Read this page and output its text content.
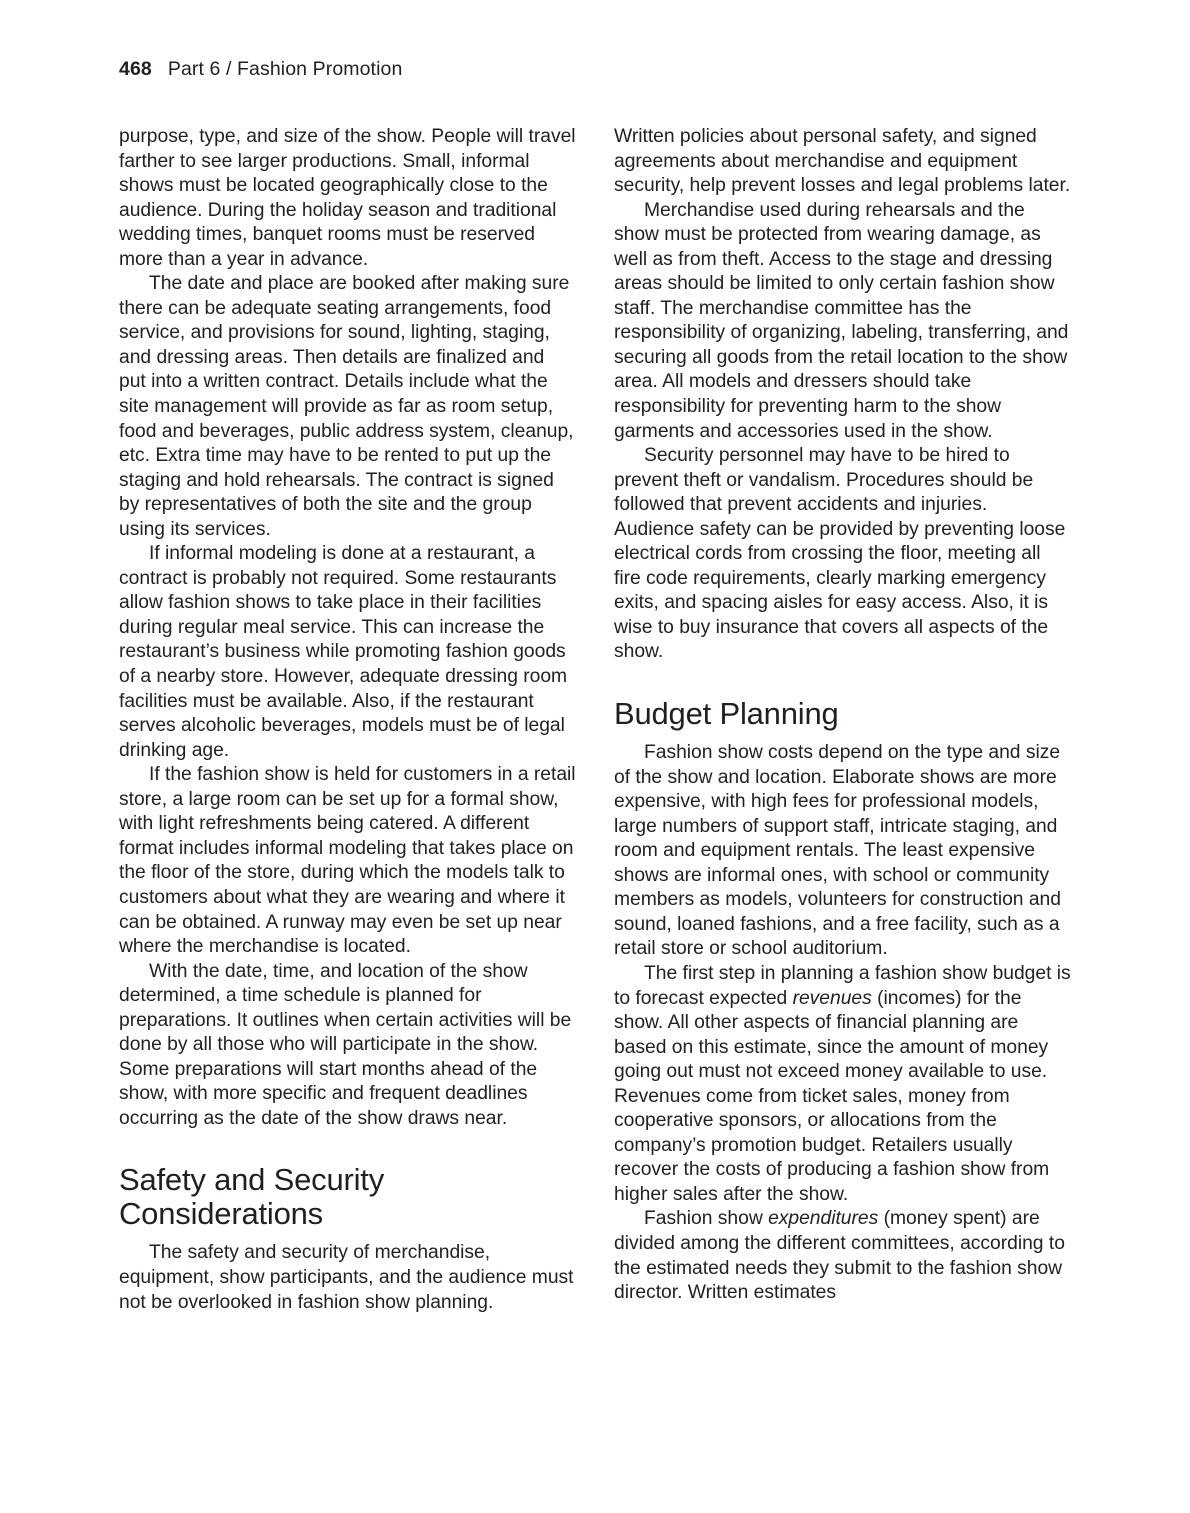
468 Part 6 / Fashion Promotion

purpose, type, and size of the show. People will travel farther to see larger productions. Small, informal shows must be located geographically close to the audience. During the holiday season and traditional wedding times, banquet rooms must be reserved more than a year in advance.

The date and place are booked after making sure there can be adequate seating arrangements, food service, and provisions for sound, lighting, staging, and dressing areas. Then details are finalized and put into a written contract. Details include what the site management will provide as far as room setup, food and beverages, public address system, cleanup, etc. Extra time may have to be rented to put up the staging and hold rehearsals. The contract is signed by representatives of both the site and the group using its services.

If informal modeling is done at a restaurant, a contract is probably not required. Some restaurants allow fashion shows to take place in their facilities during regular meal service. This can increase the restaurant’s business while promoting fashion goods of a nearby store. However, adequate dressing room facilities must be available. Also, if the restaurant serves alcoholic beverages, models must be of legal drinking age.

If the fashion show is held for customers in a retail store, a large room can be set up for a formal show, with light refreshments being catered. A different format includes informal modeling that takes place on the floor of the store, during which the models talk to customers about what they are wearing and where it can be obtained. A runway may even be set up near where the merchandise is located.

With the date, time, and location of the show determined, a time schedule is planned for preparations. It outlines when certain activities will be done by all those who will participate in the show. Some preparations will start months ahead of the show, with more specific and frequent deadlines occurring as the date of the show draws near.

Safety and Security Considerations

The safety and security of merchandise, equipment, show participants, and the audience must not be overlooked in fashion show planning.

Written policies about personal safety, and signed agreements about merchandise and equipment security, help prevent losses and legal problems later.

Merchandise used during rehearsals and the show must be protected from wearing damage, as well as from theft. Access to the stage and dressing areas should be limited to only certain fashion show staff. The merchandise committee has the responsibility of organizing, labeling, transferring, and securing all goods from the retail location to the show area. All models and dressers should take responsibility for preventing harm to the show garments and accessories used in the show.

Security personnel may have to be hired to prevent theft or vandalism. Procedures should be followed that prevent accidents and injuries. Audience safety can be provided by preventing loose electrical cords from crossing the floor, meeting all fire code requirements, clearly marking emergency exits, and spacing aisles for easy access. Also, it is wise to buy insurance that covers all aspects of the show.

Budget Planning

Fashion show costs depend on the type and size of the show and location. Elaborate shows are more expensive, with high fees for professional models, large numbers of support staff, intricate staging, and room and equipment rentals. The least expensive shows are informal ones, with school or community members as models, volunteers for construction and sound, loaned fashions, and a free facility, such as a retail store or school auditorium.

The first step in planning a fashion show budget is to forecast expected revenues (incomes) for the show. All other aspects of financial planning are based on this estimate, since the amount of money going out must not exceed money available to use. Revenues come from ticket sales, money from cooperative sponsors, or allocations from the company’s promotion budget. Retailers usually recover the costs of producing a fashion show from higher sales after the show.

Fashion show expenditures (money spent) are divided among the different committees, according to the estimated needs they submit to the fashion show director. Written estimates
